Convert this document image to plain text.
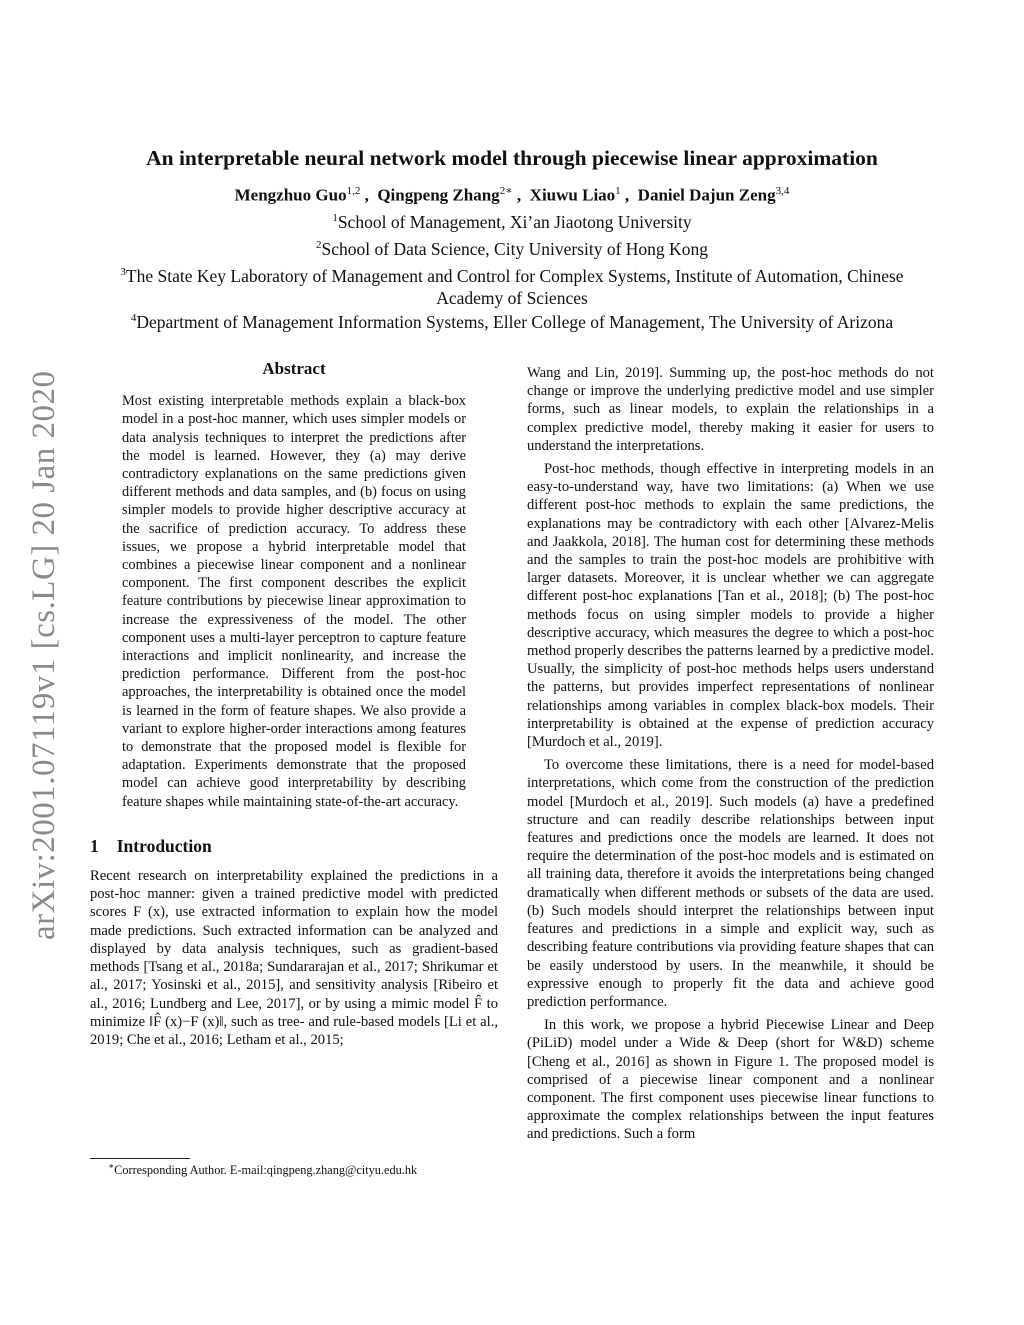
arXiv:2001.07119v1 [cs.LG] 20 Jan 2020
An interpretable neural network model through piecewise linear approximation
Mengzhuo Guo$^{1,2}$ ,  Qingpeng Zhang$^{2∗}$ ,  Xiuwu Liao$^1$ ,  Daniel Dajun Zeng$^{3,4}$
$^1$School of Management, Xi’an Jiaotong University
$^2$School of Data Science, City University of Hong Kong
$^3$The State Key Laboratory of Management and Control for Complex Systems, Institute of Automation, Chinese Academy of Sciences
$^4$Department of Management Information Systems, Eller College of Management, The University of Arizona
Abstract

Most existing interpretable methods explain a black-box model in a post-hoc manner, which uses simpler models or data analysis techniques to interpret the predictions after the model is learned. However, they (a) may derive contradictory explanations on the same predictions given different methods and data samples, and (b) focus on using simpler models to provide higher descriptive accuracy at the sacrifice of prediction accuracy. To address these issues, we propose a hybrid interpretable model that combines a piecewise linear component and a nonlinear component. The first component describes the explicit feature contributions by piecewise linear approximation to increase the expressiveness of the model. The other component uses a multi-layer perceptron to capture feature interactions and implicit nonlinearity, and increase the prediction performance. Different from the post-hoc approaches, the interpretability is obtained once the model is learned in the form of feature shapes. We also provide a variant to explore higher-order interactions among features to demonstrate that the proposed model is flexible for adaptation. Experiments demonstrate that the proposed model can achieve good interpretability by describing feature shapes while maintaining state-of-the-art accuracy.

1 Introduction

Recent research on interpretability explained the predictions in a post-hoc manner: given a trained predictive model with predicted scores F (x), use extracted information to explain how the model made predictions. Such extracted information can be analyzed and displayed by data analysis techniques, such as gradient-based methods [Tsang et al., 2018a; Sundararajan et al., 2017; Shrikumar et al., 2017; Yosinski et al., 2015], and sensitivity analysis [Ribeiro et al., 2016; Lundberg and Lee, 2017], or by using a mimic model F̂ to minimize ‖F̂ (x)−F (x)‖, such as tree- and rule-based models [Li et al., 2019; Che et al., 2016; Letham et al., 2015;

∗Corresponding Author. E-mail:qingpeng.zhang@cityu.edu.hk

Wang and Lin, 2019]. Summing up, the post-hoc methods do not change or improve the underlying predictive model and use simpler forms, such as linear models, to explain the relationships in a complex predictive model, thereby making it easier for users to understand the interpretations.

Post-hoc methods, though effective in interpreting models in an easy-to-understand way, have two limitations: (a) When we use different post-hoc methods to explain the same predictions, the explanations may be contradictory with each other [Alvarez-Melis and Jaakkola, 2018]. The human cost for determining these methods and the samples to train the post-hoc models are prohibitive with larger datasets. Moreover, it is unclear whether we can aggregate different post-hoc explanations [Tan et al., 2018]; (b) The post-hoc methods focus on using simpler models to provide a higher descriptive accuracy, which measures the degree to which a post-hoc method properly describes the patterns learned by a predictive model. Usually, the simplicity of post-hoc methods helps users understand the patterns, but provides imperfect representations of nonlinear relationships among variables in complex black-box models. Their interpretability is obtained at the expense of prediction accuracy [Murdoch et al., 2019].

To overcome these limitations, there is a need for model-based interpretations, which come from the construction of the prediction model [Murdoch et al., 2019]. Such models (a) have a predefined structure and can readily describe relationships between input features and predictions once the models are learned. It does not require the determination of the post-hoc models and is estimated on all training data, therefore it avoids the interpretations being changed dramatically when different methods or subsets of the data are used. (b) Such models should interpret the relationships between input features and predictions in a simple and explicit way, such as describing feature contributions via providing feature shapes that can be easily understood by users. In the meanwhile, it should be expressive enough to properly fit the data and achieve good prediction performance.

In this work, we propose a hybrid Piecewise Linear and Deep (PiLiD) model under a Wide & Deep (short for W&D) scheme [Cheng et al., 2016] as shown in Figure 1. The proposed model is comprised of a piecewise linear component and a nonlinear component. The first component uses piecewise linear functions to approximate the complex relationships between the input features and predictions. Such a form
